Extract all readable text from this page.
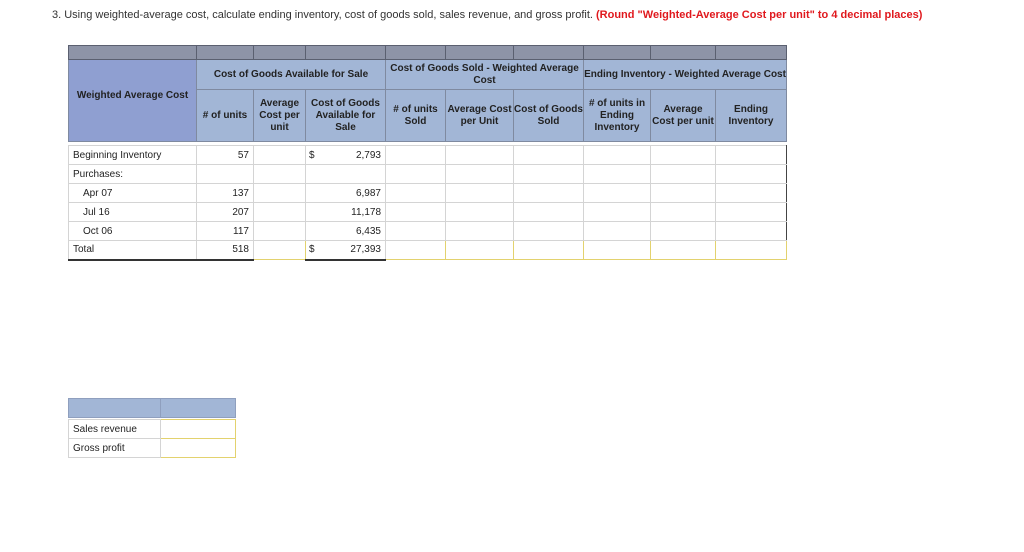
3. Using weighted-average cost, calculate ending inventory, cost of goods sold, sales revenue, and gross profit. (Round "Weighted-Average Cost per unit" to 4 decimal places)

Weighted Average Cost	Cost of Goods Available for Sale			Cost of Goods Sold - Weighted Average Cost			Ending Inventory - Weighted Average Cost		
	# of units	Average Cost per unit	Cost of Goods Available for Sale	# of units Sold	Average Cost per Unit	Cost of Goods Sold	# of units in Ending Inventory	Average Cost per unit	Ending Inventory

Beginning Inventory	57		$ 2,793						

Purchases:									
Apr 07	137		6,987						
Jul 16	207		11,178						
Oct 06	117		6,435						
Total	518		$ 27,393						

Sales revenue	
Gross profit	
